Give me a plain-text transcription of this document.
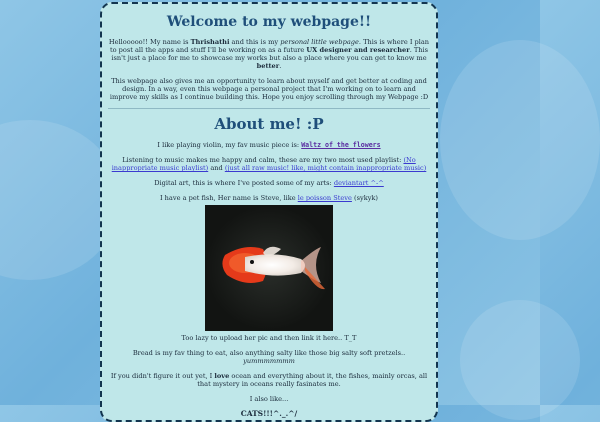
Welcome to my webpage!!

Hellooooo!! My name is Thrishathi and this is my personal little webpage. This is where I plan to post all the apps and stuff I'll be working on as a future UX designer and researcher. This isn't just a place for me to showcase my works but also a place where you can get to know me better.

This webpage also gives me an opportunity to learn about myself and get better at coding and design. In a way, even this webpage a personal project that I'm working on to learn and improve my skills as I continue building this. Hope you enjoy scrolling through my Webpage :D

About me! :P

I like playing violin, my fav music piece is: Waltz of the flowers

Listening to music makes me happy and calm, these are my two most used playlist: (No inappropriate music playlist) and (just all raw music! like, might contain inappropriate music)

Digital art, this is where I've posted some of my arts: deviantart ^-^

I have a pet fish, Her name is Steve, like le poisson Steve (sykyk)

Too lazy to upload her pic and then link it here.. T_T

Bread is my fav thing to eat, also anything salty like those big salty soft pretzels.. yummmmmmm

If you didn't figure it out yet, I love ocean and everything about it, the fishes, mainly orcas, all that mystery in oceans really fasinates me.

I also like...

CATS!!!^._.^/
